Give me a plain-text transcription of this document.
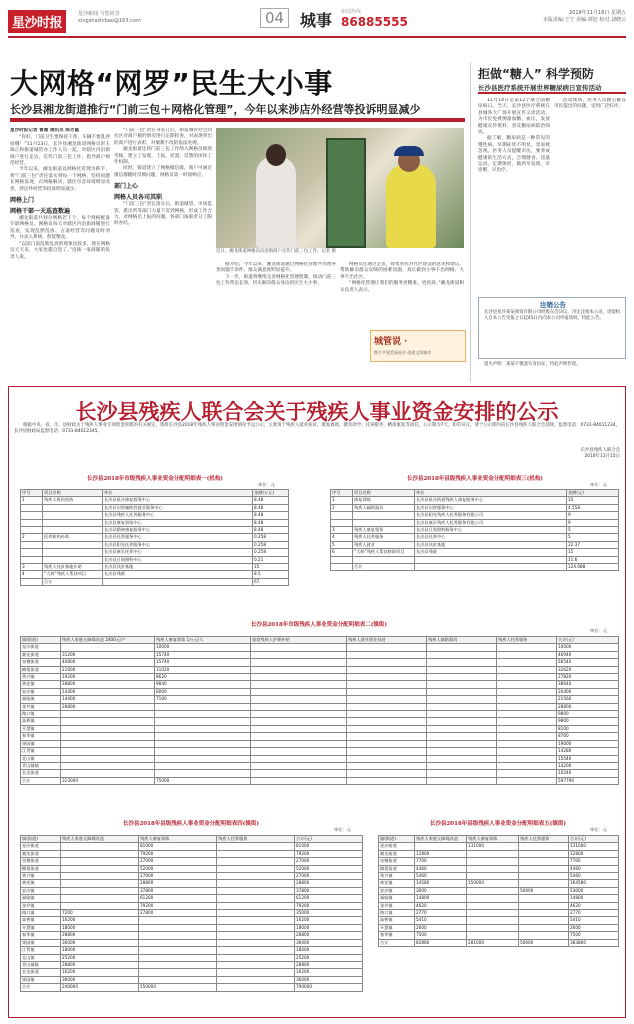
星沙时报
星沙新闻 与您同享
xingshashibao@163.com	04 城事 新闻热线
86885555
2018年11月16日 星期五
本版责编:王宁 美编:谭迎 校对:刘晓云
大网格“网罗”民生大小事
长沙县湘龙街道推行“门前三包＋网格化管理”，今年以来涉店外经营等投诉明显减少
星沙时报记者 曹薇 通讯员 陈芳霞

“你好，门前卫生要保持干净，车辆不要乱停放哦！”11月13日，长沙县湘龙街道网格员彭玉珠正和街道城管办工作人员一起，对辖区内沿街商户进行走访，宣传门前三包工作，指导商户规范经营。

今年以来，湘龙街道以网格化管理为抓手，将“门前三包”责任落实到每一个网格，坚持问题在网格发现、在网格解决，辖区市容环境明显改善，涉店外经营等投诉明显减少。

网格上门
网格干部一天巡查数遍

湘龙街道共划分网格若干个，每个网格配备专职网格员。网格员每天对辖区内沿街商铺进行巡查，发现乱摆乱放、占道经营等问题及时劝导，并录入系统，督促整改。

“以前门前乱堆乱放的现象比较多，现在网格员天天来，大家也都自觉了。”沿街一家商铺的负责人说。

“门前三包”责任书签订后，街道城管办会同社区对商户履约情况进行定期检查，对表现突出的商户进行表彰，对屡教不改的依法处理。

湘龙街道还将门前三包工作纳入网格员绩效考核，建立了发现、上报、处置、反馈的闭环工作机制。

同时，街道建立了网格微信群，商户可通过微信群随时反映问题，网格员第一时间响应。

部门上心
网格人员各司其职

“门前三包”责任落实后，街道城管、市场监管、派出所等部门力量下沉到网格，形成工作合力。对网格员上报的问题，各部门按职责分工限时办结。

近日，湘龙街道网格员向沿街商户宣传门前三包工作。记者 摄

据介绍，今年以来，湘龙街道通过网格化管理共处理各类问题千余件，群众满意度明显提升。

下一步，街道将继续完善网格化管理机制，推动门前三包工作常态长效，切实解决群众身边的民生大小事。

网格员还通过走访，收集居民对社区建设的意见和建议，帮助解决群众反映的困难问题，真正做到小事不出网格、大事不出社区。

“网格化管理让我们的服务更精准、更高效。”湘龙街道相关负责人表示。

城管说 ·
携手共建美丽星沙 创建文明城市
拒做“糖人” 科学预防
长沙县医疗系统开展世界糖尿病日宣传活动

11月14日是第12个联合国糖尿病日。当天，长沙县医疗系统在县城各大广场开展宣传义诊活动，为市民免费测量血糖、血压，发放健康宣传资料，普及糖尿病防治知识。

据了解，糖尿病是一种常见的慢性病，早期症状不明显，容易被忽视。医务人员提醒市民，要养成健康的生活方式，合理膳食、适量运动，定期体检，做到早发现、早诊断、早治疗。

活动现场，医务人员耐心解答市民提出的问题，受到广泛好评。

注销公告
长沙县星沙某某商贸有限公司经股东会决议，决定注销本公司，请债权人自本公告见报之日起45日内向本公司申报债权，特此公告。
遗失声明：某某不慎遗失身份证，特此声明作废。
长沙县残疾人联合会关于残疾人事业资金安排的公示
根据中央、省、市、县财政关于残疾人事业专项资金管理的有关规定，现将长沙县2018年残疾人事业资金安排情况予以公示，主要用于残疾人就业扶贫、康复救助、教育助学、托养服务、精准康复等项目。公示期为7天，如有异议，请于公示期内向长沙县残疾人联合会反映。监督电话：0731-84011234，长沙县财政局监督电话：0731-84012345。
长沙县残疾人联合会
2018年11月15日
长沙县2018年市级残疾人事业资金分配明细表一(机构)
单位：元
序号	项目名称	单位	金额(万元)
1	残疾人机构扶持	长沙县星沙康复服务中心	8.48
		长沙县启智辅助性就业服务中心	8.48
		长沙县残疾人托养服务中心	8.48
		长沙县康复训练中心	8.48
		长沙县精神康复服务中心	8.48
2	托养机构补助	长沙县托养服务中心	0.258
		长沙县阳光托养服务中心	0.258
		长沙县康乐托养中心	0.258
		长沙县日间照料中心	0.21
3	残疾人扶贫基地补助	长沙县扶贫基地	15
4	“大病”残疾人帮扶项目	长沙县残联	8.5
	合计		67
长沙县2018年县级残疾人事业资金分配明细表三(机构)
单位：元
序号	项目名称	单位	金额(元)
1	康复训练	长沙县星沙街道残疾人康复服务中心	10
2	残疾人辅助器具	长沙县启智服务中心	4.558
		长沙县阳光残疾人托养服务有限公司	9
		长沙县康乐残疾人托养服务有限公司	9
3	残疾人康复服务	长沙县日间照料服务中心	5
4	残疾人托养服务	长沙县托养中心	5
5	残疾人就业	长沙县扶贫基地	22.37
6	“大病”残疾人帮扶救助项目	长沙县残联	15
			11.6
	合计		124.088
长沙县2018年市级残疾人事业资金分配明细表二(镇街)
单位：元
镇(街道)	残疾人家庭无障碍改造 2400元/户	残疾人康复训练 1万元/人	重度残疾人护理补贴	残疾人就业创业扶持	残疾人辅助器具	残疾人托养服务	合计(元)
星沙街道		10000					10000
湘龙街道	31200	15740					46940
泉塘街道	40800	15740					56540
榔梨街道	21600	11020					32620
黄兴镇	19200	8620					27820
黄花镇	28800	9840					38640
安沙镇	14400	6000					20400
福临镇	14400	7160					21560
金井镇	28800						28800
路口镇							9800
高桥镇							9800
开慧镇							8100
春华镇							8700
果园镇							19000
江背镇							14280
北山镇							15540
青山铺镇							14200
长龙街道							10240
合计	323000	75000					597790
长沙县2018年县级残疾人事业资金分配明细表四(镇街)
单位：元
镇(街道)	残疾人家庭无障碍改造	残疾人康复训练	残疾人托养服务	合计(元)
星沙街道		81000		81000
湘龙街道		79200		79200
泉塘街道		27000		27000
榔梨街道		52000		52000
黄兴镇		27000		27000
黄花镇		28800		28800
安沙镇		37800		37800
福临镇		61200		61200
金井镇		79200		79200
路口镇	7200	27800		35000
高桥镇	16200			16200
开慧镇	18000			18000
春华镇	28800			28800
果园镇	36000			36000
江背镇	18000			18000
北山镇	25200			25200
青山铺镇	28800			28800
长龙街道	16200			16200
果园镇	36000			36000
合计	240000	550000		790000
长沙县2018年县级残疾人事业资金分配明细表五(镇街)
单位：元
镇(街道)	残疾人家庭无障碍改造	残疾人康复训练	残疾人托养服务	合计(元)
星沙街道		131000		131000
湘龙街道	12800			12800
泉塘街道	7700			7700
榔梨街道	4460			4460
黄兴镇	5460			5460
黄花镇	14580	150000		164580
安沙镇	3000		50000	53000
福临镇	14800			14800
金井镇	4620			4620
路口镇	2770			2770
高桥镇	5410			5410
开慧镇	2600			2600
春华镇	7500			7500
合计	82860	281000	50000	383860
